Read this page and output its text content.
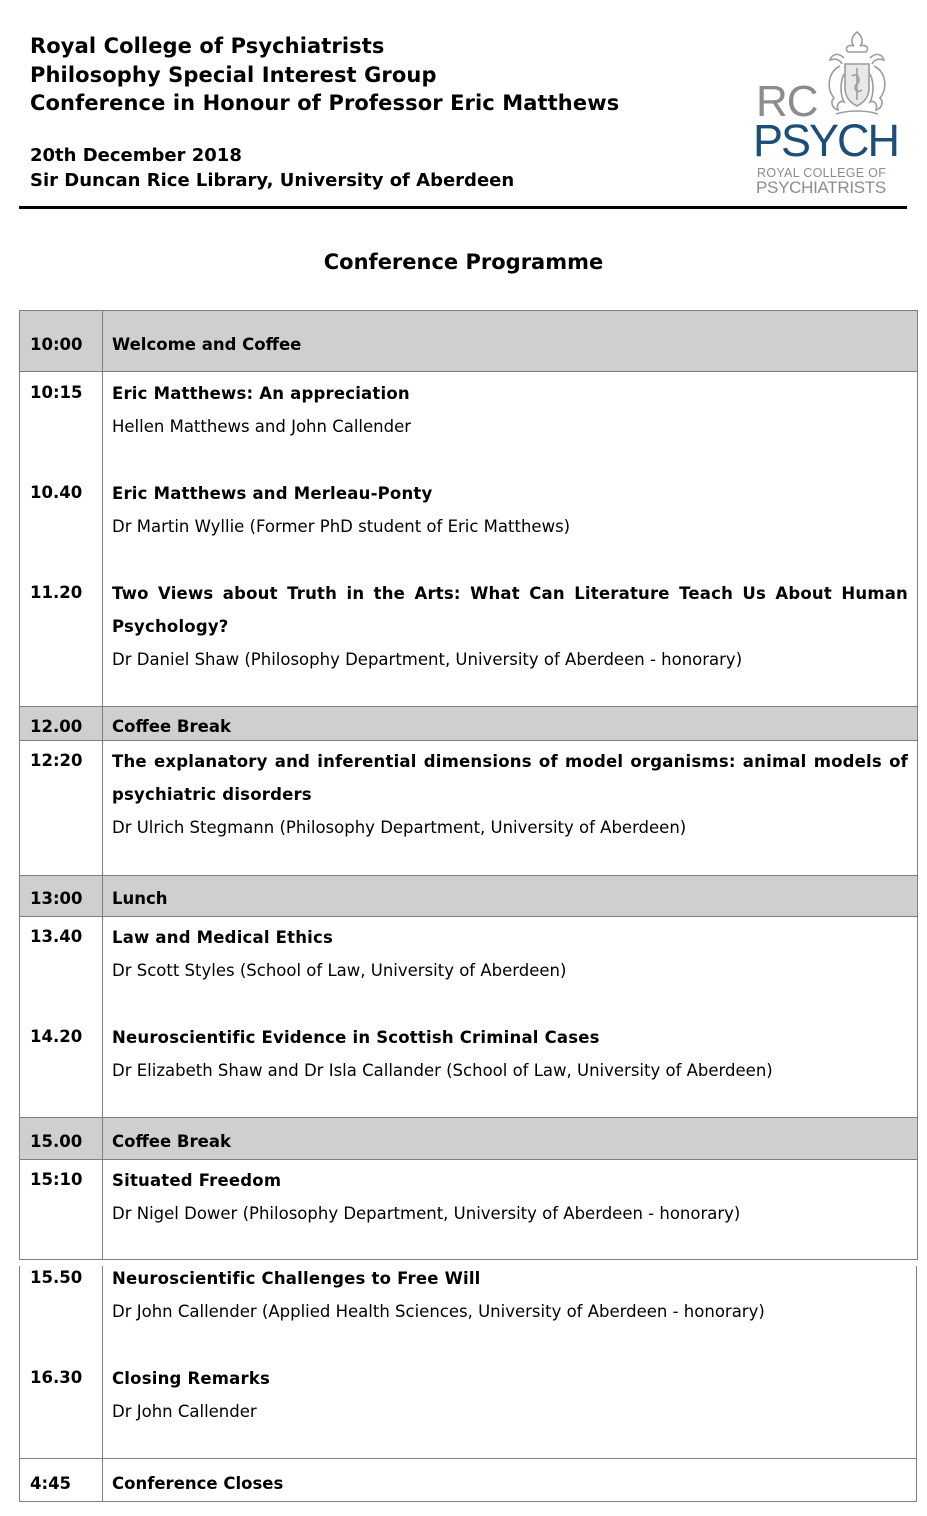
Royal College of Psychiatrists
Philosophy Special Interest Group
Conference in Honour of Professor Eric Matthews
20th December 2018
Sir Duncan Rice Library, University of Aberdeen
RC
PSYCH
ROYAL COLLEGE OF
PSYCHIATRISTS
Conference Programme
10:00 Welcome and Coffee
10:15 Eric Matthews: An appreciation
Hellen Matthews and John Callender
10.40 Eric Matthews and Merleau-Ponty
Dr Martin Wyllie (Former PhD student of Eric Matthews)
11.20 Two Views about Truth in the Arts: What Can Literature Teach Us About Human Psychology?
Dr Daniel Shaw (Philosophy Department, University of Aberdeen - honorary)
12.00 Coffee Break
12:20 The explanatory and inferential dimensions of model organisms: animal models of psychiatric disorders
Dr Ulrich Stegmann (Philosophy Department, University of Aberdeen)
13:00 Lunch
13.40 Law and Medical Ethics
Dr Scott Styles (School of Law, University of Aberdeen)
14.20 Neuroscientific Evidence in Scottish Criminal Cases
Dr Elizabeth Shaw and Dr Isla Callander (School of Law, University of Aberdeen)
15.00 Coffee Break
15:10 Situated Freedom
Dr Nigel Dower (Philosophy Department, University of Aberdeen - honorary)
15.50 Neuroscientific Challenges to Free Will
Dr John Callender (Applied Health Sciences, University of Aberdeen - honorary)
16.30 Closing Remarks
Dr John Callender
4:45 Conference Closes
